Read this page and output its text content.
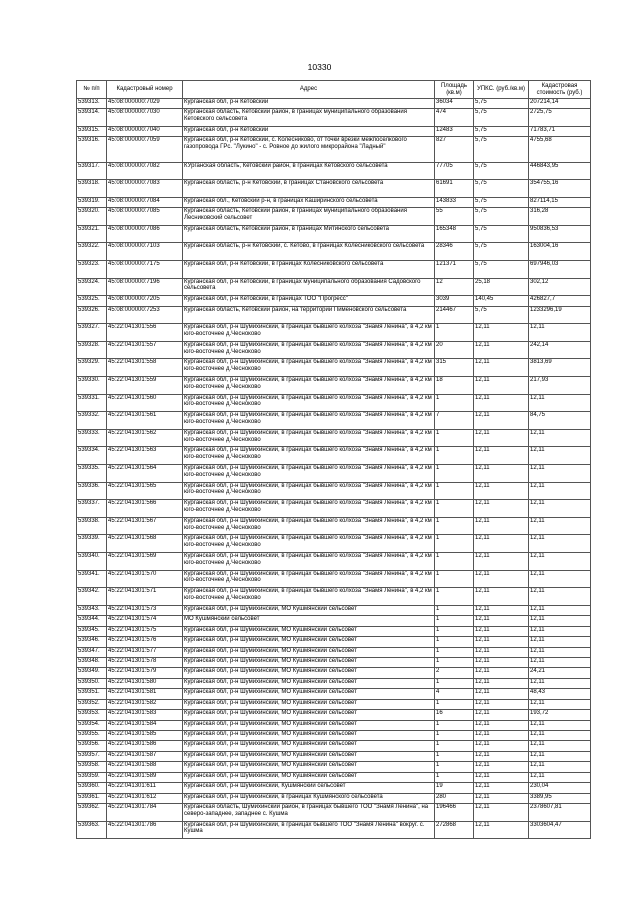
10330
№ п/п	Кадастровый номер	Адрес	Площадь (кв.м)	УПКС. (руб./кв.м)	Кадастровая стоимость (руб.)
539313.	45:08:000000:7029	Курганская обл, р-н Кетовский	36034	5,75	207214,14
539314.	45:08:000000:7030	Курганская область, Кетовский район, в границах муниципального образования Кетовского сельсовета	474	5,75	2725,75
539315.	45:08:000000:7040	Курганская обл, р-н Кетовский	12483	5,75	71783,71
539316.	45:08:000000:7059	Курганская обл, р-н Кетовский, с. Колесниково, от точки врезки межпоселкового газопровода ГРс. "Лукино" - с. Ровное до жилого микрорайона "Ладный"	827	5,75	4755,68
539317.	45:08:000000:7082	КУрганская область, Кетовский район, в границах Кетовского сельсовета	77705	5,75	446843,95
539318.	45:08:000000:7083	Курганская область, р-н Кетовский, в границах Становского сельсовета	61691	5,75	354755,16
539319.	45:08:000000:7084	Курганская обл., Кетовский р-н, в границах Каширинского сельсовета	143833	5,75	827114,15
539320.	45:08:000000:7085	Курганская область, Кетовский район, в границах муниципального образования Лесниковский сельсовет	55	5,75	316,28
539321.	45:08:000000:7086	Курганская область, Кетовский район, в границах Митинского сельсовета	165348	5,75	950836,53
539322.	45:08:000000:7103	Курганская область, р-н Кетовский, с. Кетово, в границах Колесниковского сельсовета	28346	5,75	163004,16
539323.	45:08:000000:7175	Курганская обл, р-н Кетовский, в границах Колесниковского сельсовета	121371	5,75	697946,03
539324.	45:08:000000:7196	Курганская обл, р-н Кетовский, в границах муниципального образования Садовского сельсовета	12	25,18	302,12
539325.	45:08:000000:7205	Курганская обл, р-н Кетовский, в границах ТОО "Прогресс"	3039	140,45	426827,7
539326.	45:08:000000:7253	Курганская область, Кетовский район, на территории Пименовского сельсовета	214467	5,75	1233296,19
539327.	45:22:041301:556	Курганская обл, р-н Шумихинский, в границах бывшего колхоза "Знамя Ленина", в 4,2 км юго-восточнее д.Чесноково	1	12,11	12,11
539328.	45:22:041301:557	Курганская обл, р-н Шумихинский, в границах бывшего колхоза "Знамя Ленина", в 4,2 км юго-восточнее д.Чесноково	20	12,11	242,14
539329.	45:22:041301:558	Курганская обл, р-н Шумихинский, в границах бывшего колхоза "Знамя Ленина", в 4,2 км юго-восточнее д.Чесноково	315	12,11	3813,69
539330.	45:22:041301:559	Курганская обл, р-н Шумихинский, в границах бывшего колхоза "Знамя Ленина", в 4,2 км юго-восточнее д.Чесноково	18	12,11	217,93
539331.	45:22:041301:560	Курганская обл, р-н Шумихинский, в границах бывшего колхоза "Знамя Ленина", в 4,2 км юго-восточнее д.Чесноково	1	12,11	12,11
539332.	45:22:041301:561	Курганская обл, р-н Шумихинский, в границах бывшего колхоза "Знамя Ленина", в 4,2 км юго-восточнее д.Чесноково	7	12,11	84,75
539333.	45:22:041301:562	Курганская обл, р-н Шумихинский, в границах бывшего колхоза "Знамя Ленина", в 4,2 км юго-восточнее д.Чесноково	1	12,11	12,11
539334.	45:22:041301:563	Курганская обл, р-н Шумихинский, в границах бывшего колхоза "Знамя Ленина", в 4,2 км юго-восточнее д.Чесноково	1	12,11	12,11
539335.	45:22:041301:564	Курганская обл, р-н Шумихинский, в границах бывшего колхоза "Знамя Ленина", в 4,2 км юго-восточнее д.Чесноково	1	12,11	12,11
539336.	45:22:041301:565	Курганская обл, р-н Шумихинский, в границах бывшего колхоза "Знамя Ленина", в 4,2 км юго-восточнее д.Чесноково	1	12,11	12,11
539337.	45:22:041301:566	Курганская обл, р-н Шумихинский, в границах бывшего колхоза "Знамя Ленина", в 4,2 км юго-восточнее д.Чесноково	1	12,11	12,11
539338.	45:22:041301:567	Курганская обл, р-н Шумихинский, в границах бывшего колхоза "Знамя Ленина", в 4,2 км юго-восточнее д.Чесноково	1	12,11	12,11
539339.	45:22:041301:568	Курганская обл, р-н Шумихинский, в границах бывшего колхоза "Знамя Ленина", в 4,2 км юго-восточнее д.Чесноково	1	12,11	12,11
539340.	45:22:041301:569	Курганская обл, р-н Шумихинский, в границах бывшего колхоза "Знамя Ленина", в 4,2 км юго-восточнее д.Чесноково	1	12,11	12,11
539341.	45:22:041301:570	Курганская обл, р-н Шумихинский, в границах бывшего колхоза "Знамя Ленина", в 4,2 км юго-восточнее д.Чесноково	1	12,11	12,11
539342.	45:22:041301:571	Курганская обл, р-н Шумихинский, в границах бывшего колхоза "Знамя Ленина", в 4,2 км юго-восточнее д.Чесноково	1	12,11	12,11
539343.	45:22:041301:573	Курганская обл, р-н Шумихинский, МО Кушмянский сельсовет	1	12,11	12,11
539344.	45:22:041301:574	МО Кушмянский сельсовет	1	12,11	12,11
539345.	45:22:041301:575	Курганская обл, р-н Шумихинский, МО Кушмянский сельсовет	1	12,11	12,11
539346.	45:22:041301:576	Курганская обл, р-н Шумихинский, МО Кушмянский сельсовет	1	12,11	12,11
539347.	45:22:041301:577	Курганская обл, р-н Шумихинский, МО Кушмянский сельсовет	1	12,11	12,11
539348.	45:22:041301:578	Курганская обл, р-н Шумихинский, МО Кушмянский сельсовет	1	12,11	12,11
539349.	45:22:041301:579	Курганская обл, р-н Шумихинский, МО Кушмянский сельсовет	2	12,11	24,21
539350.	45:22:041301:580	Курганская обл, р-н Шумихинский, МО Кушмянский сельсовет	1	12,11	12,11
539351.	45:22:041301:581	Курганская обл, р-н Шумихинский, МО Кушмянский сельсовет	4	12,11	48,43
539352.	45:22:041301:582	Курганская обл, р-н Шумихинский, МО Кушмянский сельсовет	1	12,11	12,11
539353.	45:22:041301:583	Курганская обл, р-н Шумихинский, МО Кушмянский сельсовет	16	12,11	193,72
539354.	45:22:041301:584	Курганская обл, р-н Шумихинский, МО Кушмянский сельсовет	1	12,11	12,11
539355.	45:22:041301:585	Курганская обл, р-н Шумихинский, МО Кушмянский сельсовет	1	12,11	12,11
539356.	45:22:041301:586	Курганская обл, р-н Шумихинский, МО Кушмянский сельсовет	1	12,11	12,11
539357.	45:22:041301:587	Курганская обл, р-н Шумихинский, МО Кушмянский сельсовет	1	12,11	12,11
539358.	45:22:041301:588	Курганская обл, р-н Шумихинский, МО Кушмянский сельсовет	1	12,11	12,11
539359.	45:22:041301:589	Курганская обл, р-н Шумихинский, МО Кушмянский сельсовет	1	12,11	12,11
539360.	45:22:041301:611	Курганская обл, р-н Шумихинский, Кушмянский сельсовет	19	12,11	230,04
539361.	45:22:041301:612	Курганская обл, р-н Шумихинский, в границах Кушмянского сельсовета	280	12,11	3389,95
539362.	45:22:041301:784	Курганская область, Шумихинский район, в границах бывшего ТОО "Знамя Ленина", на северо-западнее, западнее с. Кушма	196466	12,11	2378607,81
539363.	45:22:041301:786	Курганская обл, р-н Шумихинский, в границах бывшего ТОО "Знамя Ленина" вокруг. с. Кушма	272868	12,11	3303604,47
